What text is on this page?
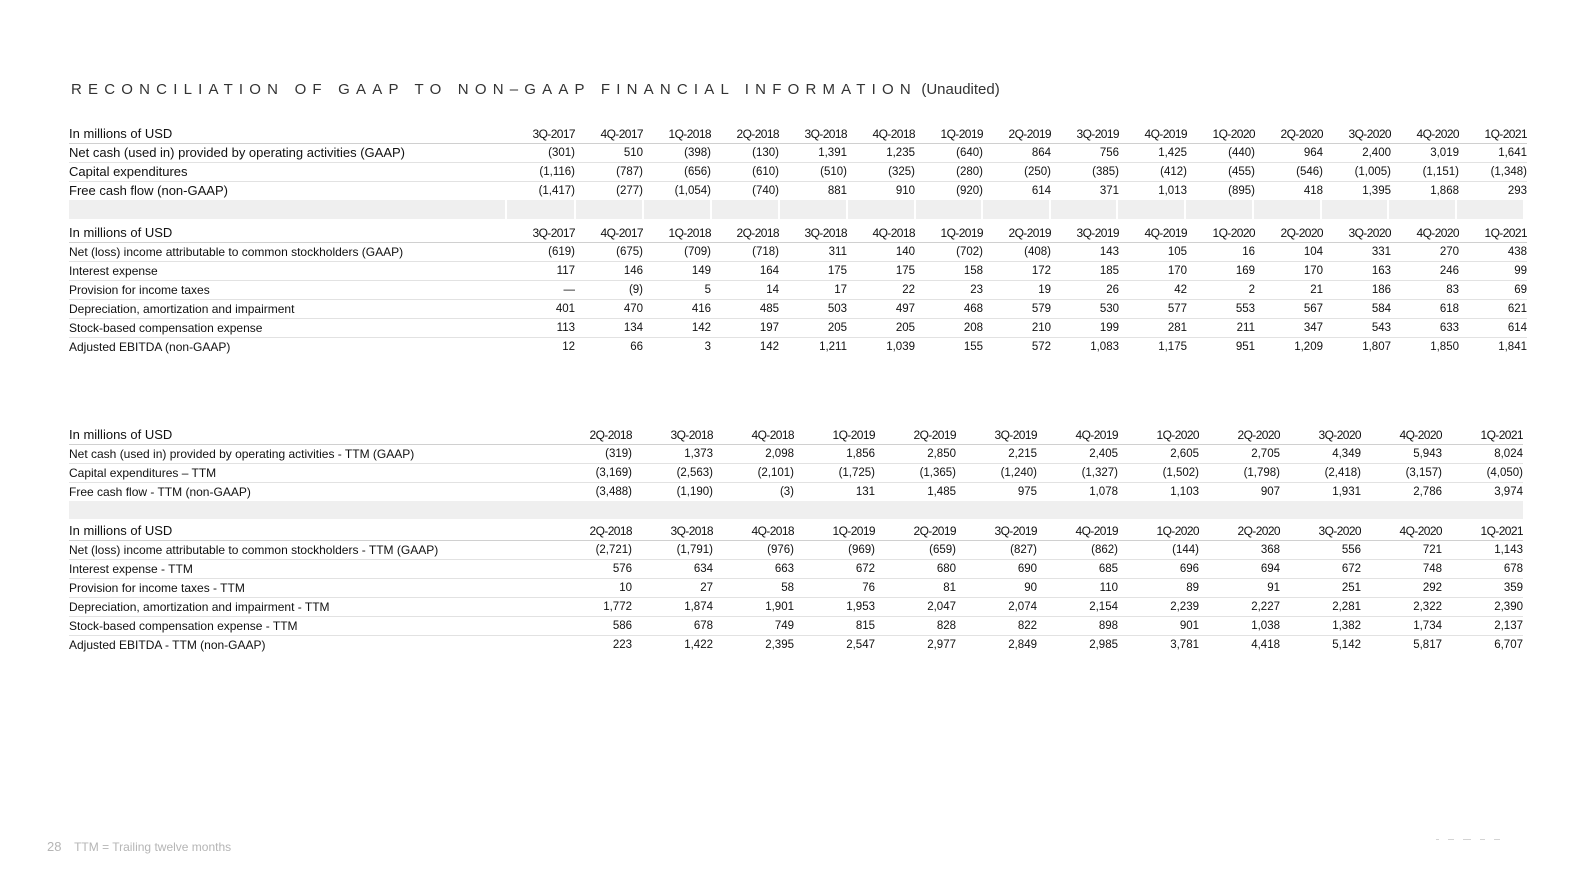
RECONCILIATION OF GAAP TO NON–GAAP FINANCIAL INFORMATION (Unaudited)
In millions of USD	3Q-2017	4Q-2017	1Q-2018	2Q-2018	3Q-2018	4Q-2018	1Q-2019	2Q-2019	3Q-2019	4Q-2019	1Q-2020	2Q-2020	3Q-2020	4Q-2020	1Q-2021
Net cash (used in) provided by operating activities (GAAP)	(301)	510	(398)	(130)	1,391	1,235	(640)	864	756	1,425	(440)	964	2,400	3,019	1,641
Capital expenditures	(1,116)	(787)	(656)	(610)	(510)	(325)	(280)	(250)	(385)	(412)	(455)	(546)	(1,005)	(1,151)	(1,348)
Free cash flow (non-GAAP)	(1,417)	(277)	(1,054)	(740)	881	910	(920)	614	371	1,013	(895)	418	1,395	1,868	293
In millions of USD	3Q-2017	4Q-2017	1Q-2018	2Q-2018	3Q-2018	4Q-2018	1Q-2019	2Q-2019	3Q-2019	4Q-2019	1Q-2020	2Q-2020	3Q-2020	4Q-2020	1Q-2021
Net (loss) income attributable to common stockholders (GAAP)	(619)	(675)	(709)	(718)	311	140	(702)	(408)	143	105	16	104	331	270	438
Interest expense	117	146	149	164	175	175	158	172	185	170	169	170	163	246	99
Provision for income taxes	—	(9)	5	14	17	22	23	19	26	42	2	21	186	83	69
Depreciation, amortization and impairment	401	470	416	485	503	497	468	579	530	577	553	567	584	618	621
Stock-based compensation expense	113	134	142	197	205	205	208	210	199	281	211	347	543	633	614
Adjusted EBITDA (non-GAAP)	12	66	3	142	1,211	1,039	155	572	1,083	1,175	951	1,209	1,807	1,850	1,841
In millions of USD	2Q-2018	3Q-2018	4Q-2018	1Q-2019	2Q-2019	3Q-2019	4Q-2019	1Q-2020	2Q-2020	3Q-2020	4Q-2020	1Q-2021
Net cash (used in) provided by operating activities - TTM (GAAP)	(319)	1,373	2,098	1,856	2,850	2,215	2,405	2,605	2,705	4,349	5,943	8,024
Capital expenditures – TTM	(3,169)	(2,563)	(2,101)	(1,725)	(1,365)	(1,240)	(1,327)	(1,502)	(1,798)	(2,418)	(3,157)	(4,050)
Free cash flow - TTM (non-GAAP)	(3,488)	(1,190)	(3)	131	1,485	975	1,078	1,103	907	1,931	2,786	3,974
In millions of USD	2Q-2018	3Q-2018	4Q-2018	1Q-2019	2Q-2019	3Q-2019	4Q-2019	1Q-2020	2Q-2020	3Q-2020	4Q-2020	1Q-2021
Net (loss) income attributable to common stockholders - TTM (GAAP)	(2,721)	(1,791)	(976)	(969)	(659)	(827)	(862)	(144)	368	556	721	1,143
Interest expense - TTM	576	634	663	672	680	690	685	696	694	672	748	678
Provision for income taxes - TTM	10	27	58	76	81	90	110	89	91	251	292	359
Depreciation, amortization and impairment - TTM	1,772	1,874	1,901	1,953	2,047	2,074	2,154	2,239	2,227	2,281	2,322	2,390
Stock-based compensation expense - TTM	586	678	749	815	828	822	898	901	1,038	1,382	1,734	2,137
Adjusted EBITDA - TTM (non-GAAP)	223	1,422	2,395	2,547	2,977	2,849	2,985	3,781	4,418	5,142	5,817	6,707
28 TTM = Trailing twelve months
